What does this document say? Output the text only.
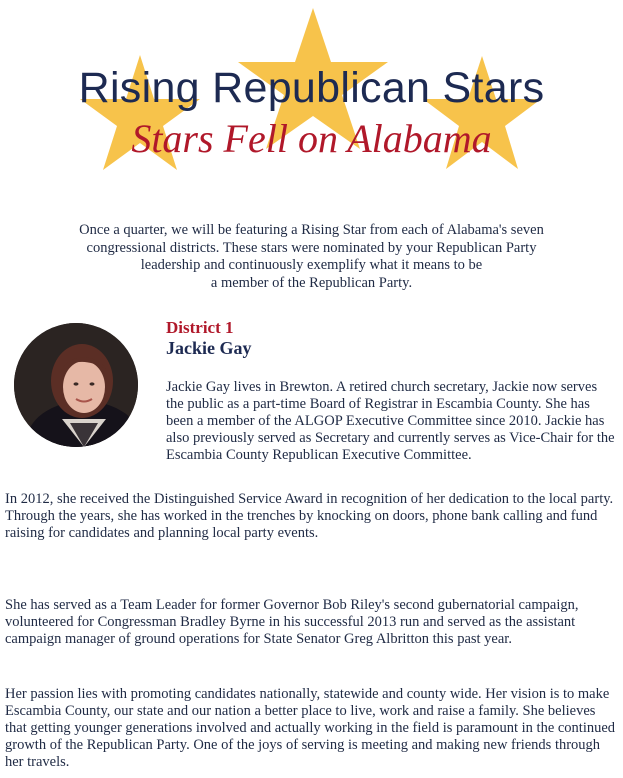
Rising Republican Stars
Stars Fell on Alabama
Once a quarter, we will be featuring a Rising Star from each of Alabama's seven
congressional districts. These stars were nominated by your Republican Party
leadership and continuously exemplify what it means to be
a member of the Republican Party.
District 1
Jackie Gay
Jackie Gay lives in Brewton. A retired church secretary, Jackie now serves the public as a part-time Board of Registrar in Escambia County. She has been a member of the ALGOP Executive Committee since 2010. Jackie has also previously served as Secretary and currently serves as Vice-Chair for the Escambia County Republican Executive Committee.
In 2012, she received the Distinguished Service Award in recognition of her dedication to the local party. Through the years, she has worked in the trenches by knocking on doors, phone bank calling and fund raising for candidates and planning local party events.
She has served as a Team Leader for former Governor Bob Riley's second gubernatorial campaign, volunteered for Congressman Bradley Byrne in his successful 2013 run and served as the assistant campaign manager of ground operations for State Senator Greg Albritton this past year.
Her passion lies with promoting candidates nationally, statewide and county wide. Her vision is to make Escambia County, our state and our nation a better place to live, work and raise a family. She believes that getting younger generations involved and actually working in the field is paramount in the continued growth of the Republican Party. One of the joys of serving is meeting and making new friends through her travels.
